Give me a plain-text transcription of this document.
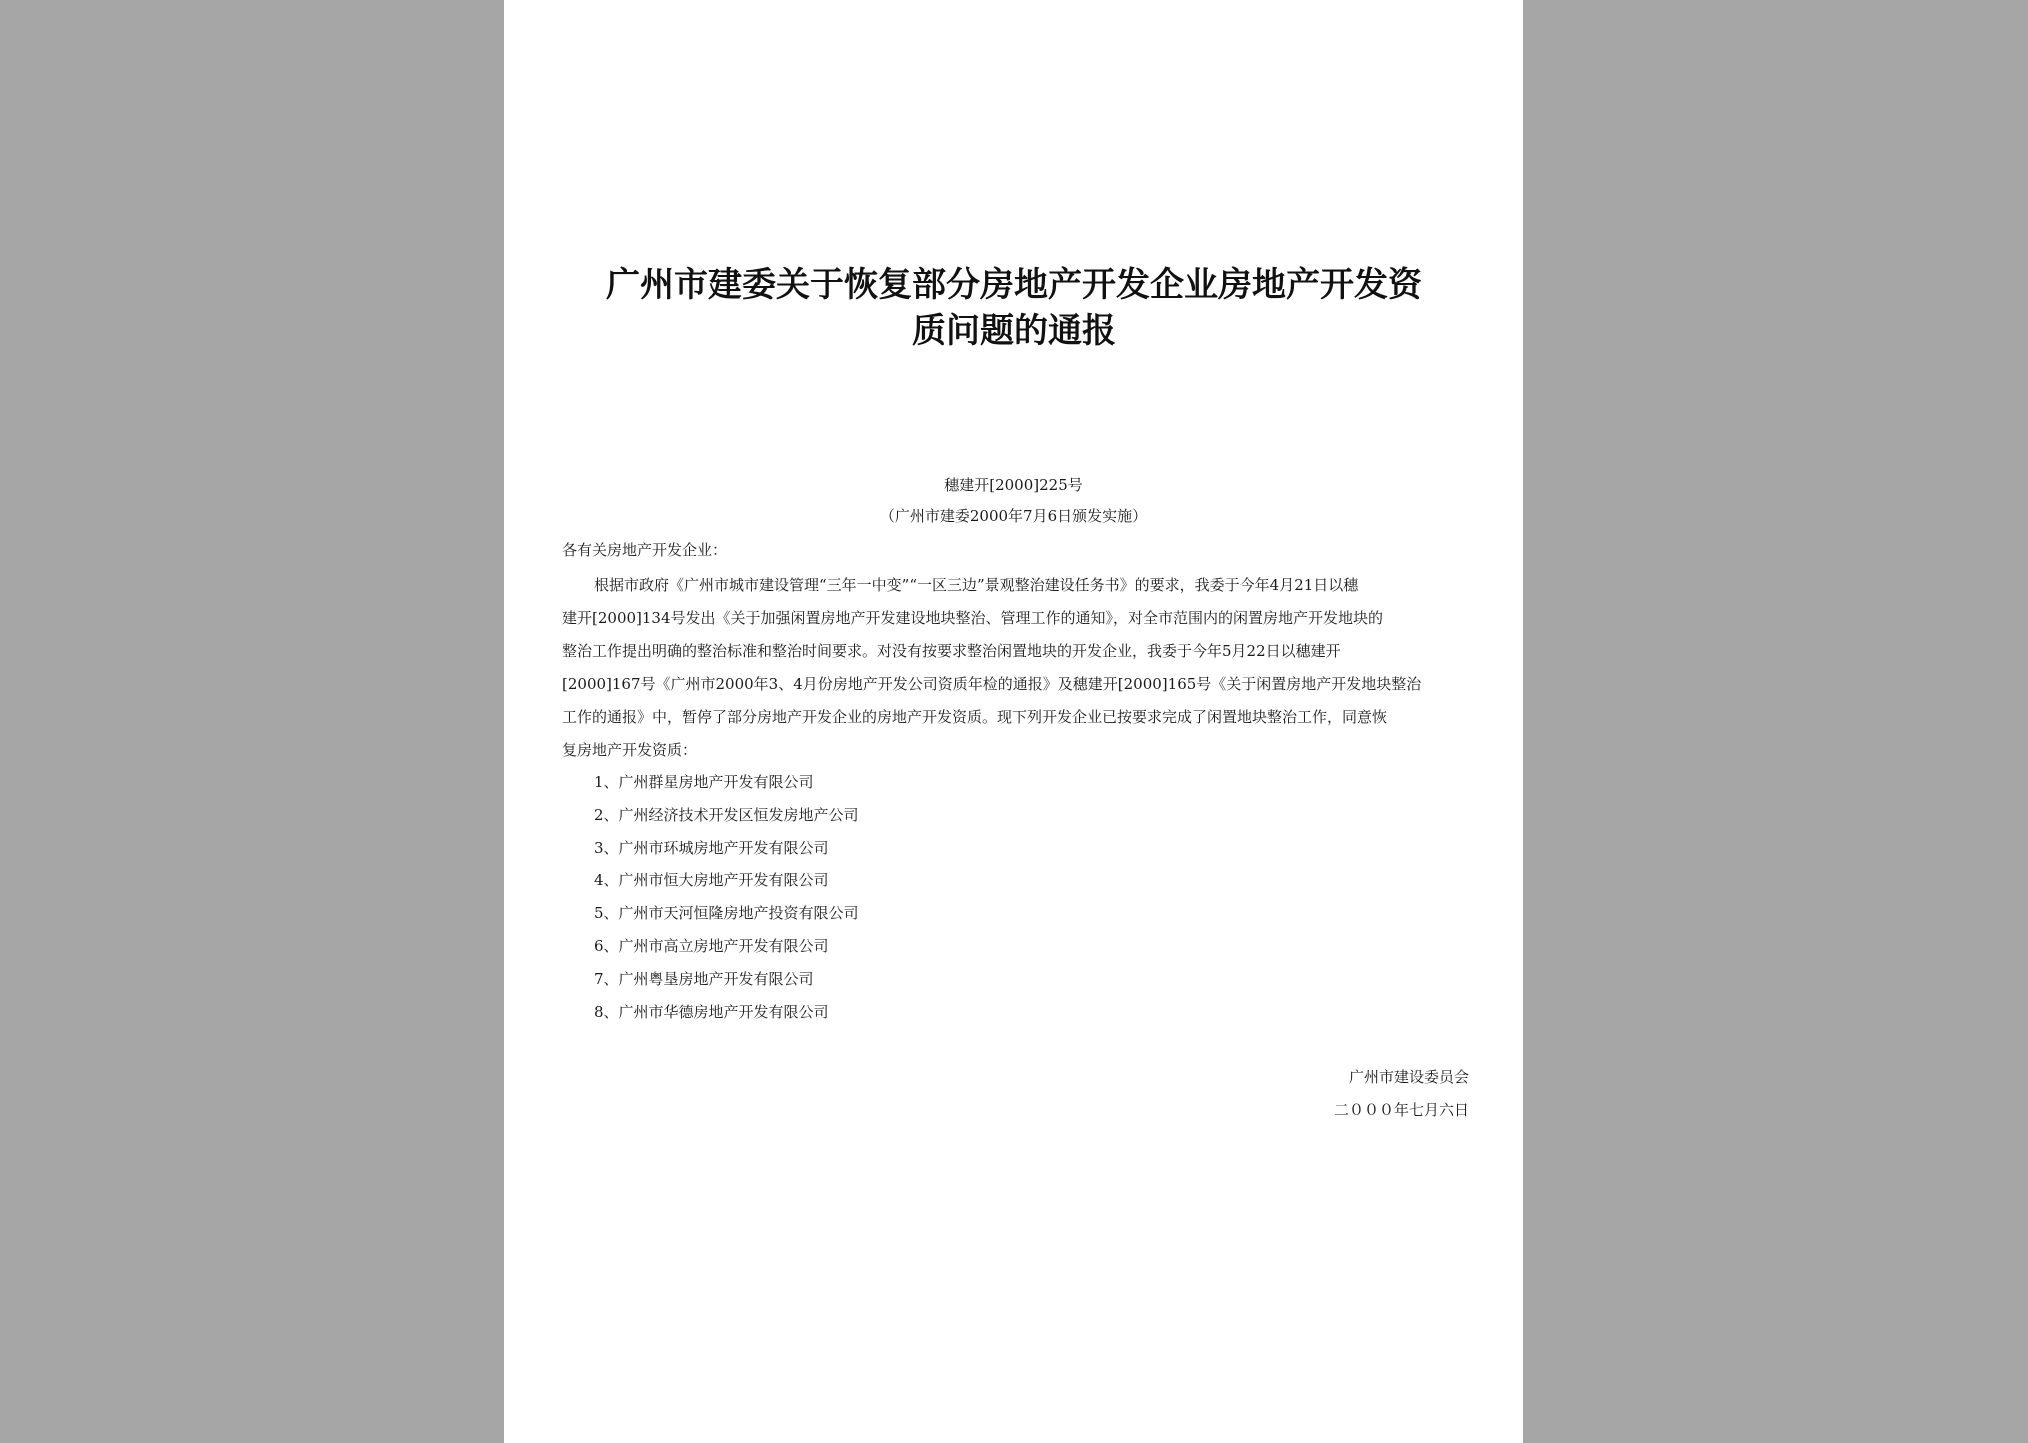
广州市建委关于恢复部分房地产开发企业房地产开发资
质问题的通报
穗建开[2000]225号
（广州市建委2000年7月6日颁发实施）
各有关房地产开发企业：
根据市政府《广州市城市建设管理“三年一中变”“一区三边”景观整治建设任务书》的要求，我委于今年4月21日以穗
建开[2000]134号发出《关于加强闲置房地产开发建设地块整治、管理工作的通知》，对全市范围内的闲置房地产开发地块的
整治工作提出明确的整治标准和整治时间要求。对没有按要求整治闲置地块的开发企业，我委于今年5月22日以穗建开
[2000]167号《广州市2000年3、4月份房地产开发公司资质年检的通报》及穗建开[2000]165号《关于闲置房地产开发地块整治
工作的通报》中，暂停了部分房地产开发企业的房地产开发资质。现下列开发企业已按要求完成了闲置地块整治工作，同意恢
复房地产开发资质：
1、广州群星房地产开发有限公司
2、广州经济技术开发区恒发房地产公司
3、广州市环城房地产开发有限公司
4、广州市恒大房地产开发有限公司
5、广州市天河恒隆房地产投资有限公司
6、广州市高立房地产开发有限公司
7、广州粤垦房地产开发有限公司
8、广州市华德房地产开发有限公司
广州市建设委员会
二０００年七月六日
